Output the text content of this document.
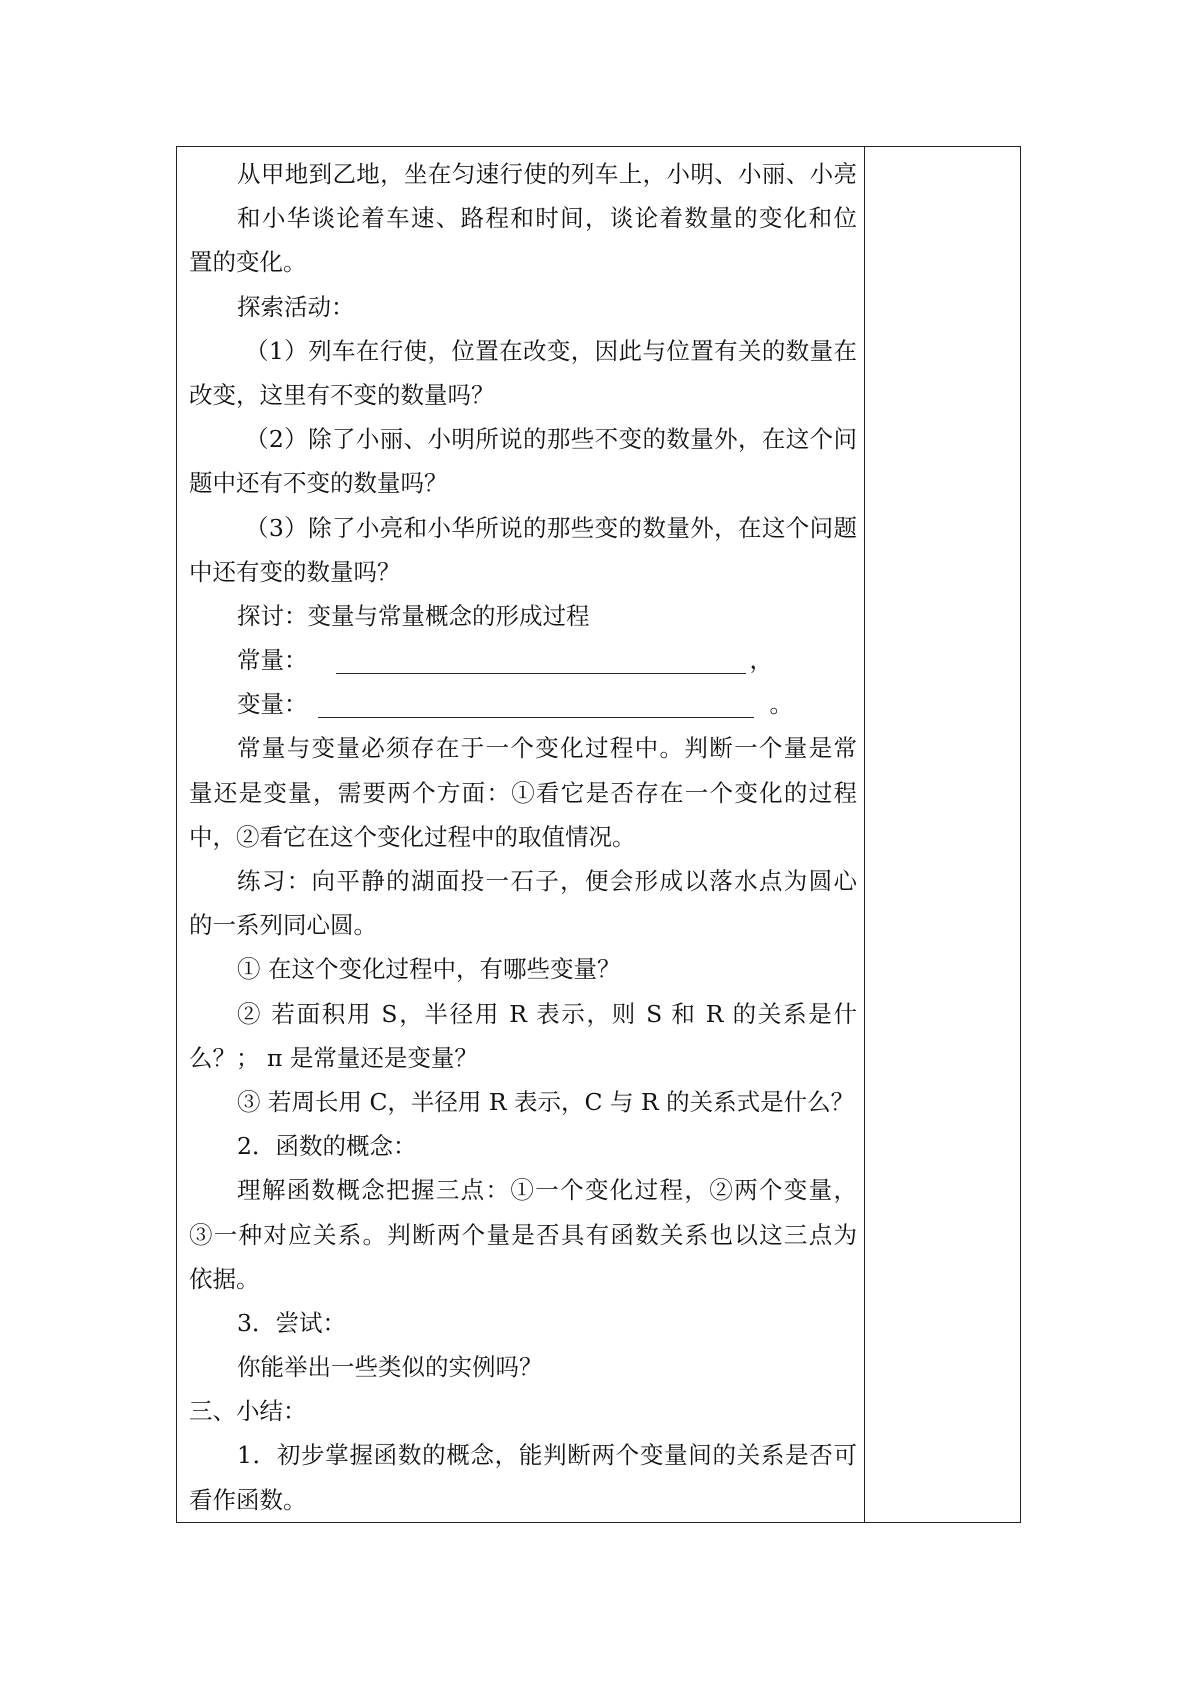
从甲地到乙地，坐在匀速行使的列车上，小明、小丽、小亮
和小华谈论着车速、路程和时间，谈论着数量的变化和位
置的变化。
探索活动：
（1）列车在行使，位置在改变，因此与位置有关的数量在
改变，这里有不变的数量吗？
（2）除了小丽、小明所说的那些不变的数量外，在这个问
题中还有不变的数量吗？
（3）除了小亮和小华所说的那些变的数量外，在这个问题
中还有变的数量吗？
探讨：变量与常量概念的形成过程
常量：	，
变量：	。
常量与变量必须存在于一个变化过程中。判断一个量是常
量还是变量，需要两个方面：①看它是否存在一个变化的过程
中，②看它在这个变化过程中的取值情况。
练习：向平静的湖面投一石子，便会形成以落水点为圆心
的一系列同心圆。
① 在这个变化过程中，有哪些变量？
② 若面积用 S，半径用 R 表示，则 S 和 R 的关系是什
么？； π 是常量还是变量？
③ 若周长用 C，半径用 R 表示，C 与 R 的关系式是什么？
2．函数的概念：
理解函数概念把握三点：①一个变化过程，②两个变量，
③一种对应关系。判断两个量是否具有函数关系也以这三点为
依据。
3．尝试：
你能举出一些类似的实例吗？
三、小结：
1．初步掌握函数的概念，能判断两个变量间的关系是否可
看作函数。
